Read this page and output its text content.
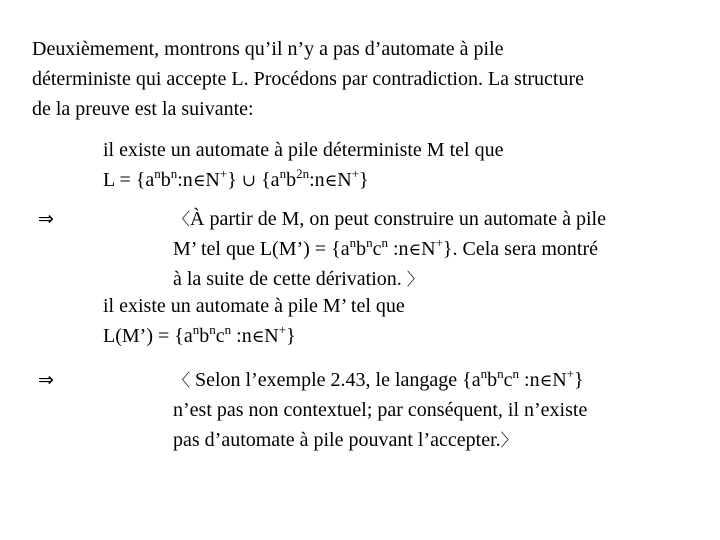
Deuxièmement, montrons qu’il n’y a pas d’automate à pile
déterministe qui accepte L. Procédons par contradiction. La structure
de la preuve est la suivante:
il existe un automate à pile déterministe M tel que
$L = \{a^nb^n:n\in N^+\}$ ∪ $\{a^nb^{2n}:n\in N^+\}$
⇒	〈À partir de M, on peut construire un automate à pile
M’ tel que L(M’) = {$a^nb^nc^n$ :n∈N+}. Cela sera montré
à la suite de cette dérivation. 〉
il existe un automate à pile M’ tel que
L(M’) = {$a^nb^nc^n$ :n∈N+}
⇒	〈 Selon l’exemple 2.43, le langage {$a^nb^nc^n$ :n∈N+}
n’est pas non contextuel; par conséquent, il n’existe
pas d’automate à pile pouvant l’accepter.〉
